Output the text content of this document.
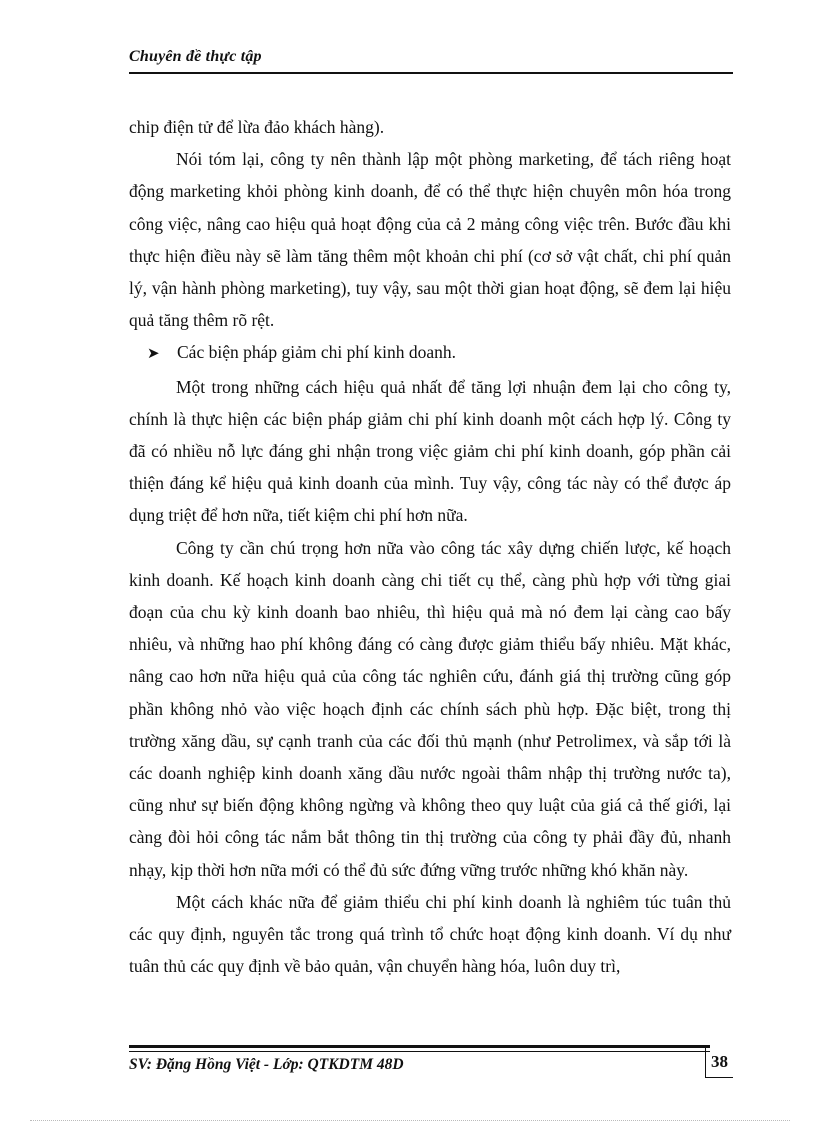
Chuyên đề thực tập

chip điện tử để lừa đảo khách hàng).

Nói tóm lại, công ty nên thành lập một phòng marketing, để tách riêng hoạt động marketing khỏi phòng kinh doanh, để có thể thực hiện chuyên môn hóa trong công việc, nâng cao hiệu quả hoạt động của cả 2 mảng công việc trên. Bước đầu khi thực hiện điều này sẽ làm tăng thêm một khoản chi phí (cơ sở vật chất, chi phí quản lý, vận hành phòng marketing), tuy vậy, sau một thời gian hoạt động, sẽ đem lại hiệu quả tăng thêm rõ rệt.

➤ Các biện pháp giảm chi phí kinh doanh.

Một trong những cách hiệu quả nhất để tăng lợi nhuận đem lại cho công ty, chính là thực hiện các biện pháp giảm chi phí kinh doanh một cách hợp lý. Công ty đã có nhiều nỗ lực đáng ghi nhận trong việc giảm chi phí kinh doanh, góp phần cải thiện đáng kể hiệu quả kinh doanh của mình. Tuy vậy, công tác này có thể được áp dụng triệt để hơn nữa, tiết kiệm chi phí hơn nữa.

Công ty cần chú trọng hơn nữa vào công tác xây dựng chiến lược, kế hoạch kinh doanh. Kế hoạch kinh doanh càng chi tiết cụ thể, càng phù hợp với từng giai đoạn của chu kỳ kinh doanh bao nhiêu, thì hiệu quả mà nó đem lại càng cao bấy nhiêu, và những hao phí không đáng có càng được giảm thiểu bấy nhiêu. Mặt khác, nâng cao hơn nữa hiệu quả của công tác nghiên cứu, đánh giá thị trường cũng góp phần không nhỏ vào việc hoạch định các chính sách phù hợp. Đặc biệt, trong thị trường xăng dầu, sự cạnh tranh của các đối thủ mạnh (như Petrolimex, và sắp tới là các doanh nghiệp kinh doanh xăng dầu nước ngoài thâm nhập thị trường nước ta), cũng như sự biến động không ngừng và không theo quy luật của giá cả thế giới, lại càng đòi hỏi công tác nắm bắt thông tin thị trường của công ty phải đầy đủ, nhanh nhạy, kịp thời hơn nữa mới có thể đủ sức đứng vững trước những khó khăn này.

Một cách khác nữa để giảm thiểu chi phí kinh doanh là nghiêm túc tuân thủ các quy định, nguyên tắc trong quá trình tổ chức hoạt động kinh doanh. Ví dụ như tuân thủ các quy định về bảo quản, vận chuyển hàng hóa, luôn duy trì,

SV: Đặng Hồng Việt - Lớp: QTKDTM 48D	38
